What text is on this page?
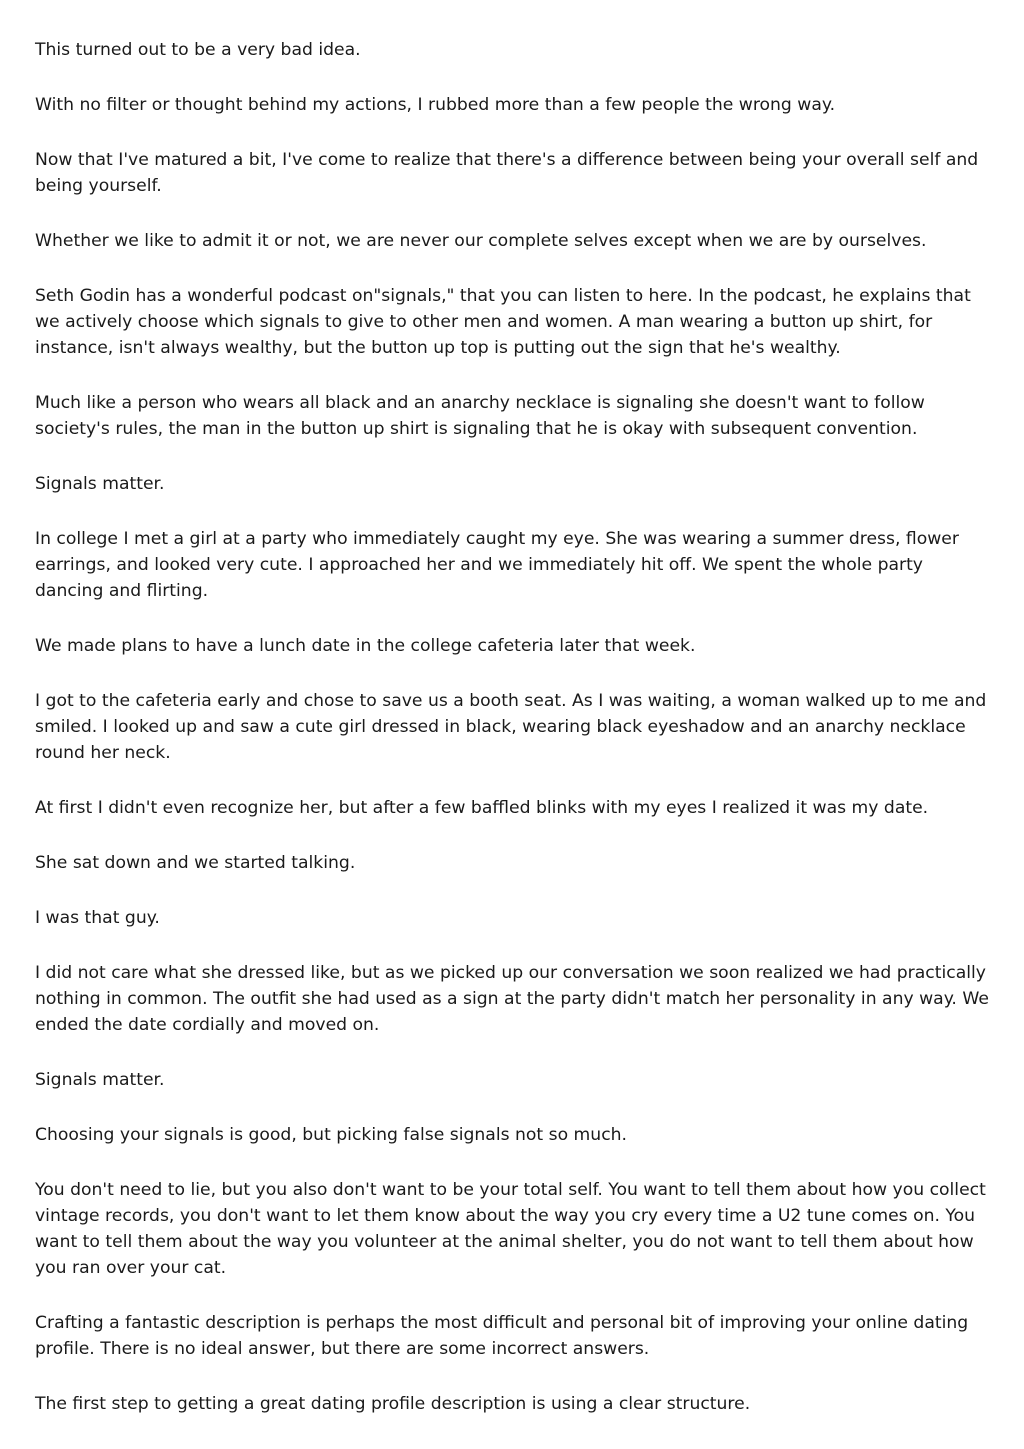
This turned out to be a very bad idea.

With no filter or thought behind my actions, I rubbed more than a few people the wrong way.

Now that I've matured a bit, I've come to realize that there's a difference between being your overall self and being yourself.

Whether we like to admit it or not, we are never our complete selves except when we are by ourselves.

Seth Godin has a wonderful podcast on"signals," that you can listen to here. In the podcast, he explains that we actively choose which signals to give to other men and women. A man wearing a button up shirt, for instance, isn't always wealthy, but the button up top is putting out the sign that he's wealthy.

Much like a person who wears all black and an anarchy necklace is signaling she doesn't want to follow society's rules, the man in the button up shirt is signaling that he is okay with subsequent convention.

Signals matter.

In college I met a girl at a party who immediately caught my eye. She was wearing a summer dress, flower earrings, and looked very cute. I approached her and we immediately hit off. We spent the whole party dancing and flirting.

We made plans to have a lunch date in the college cafeteria later that week.

I got to the cafeteria early and chose to save us a booth seat. As I was waiting, a woman walked up to me and smiled. I looked up and saw a cute girl dressed in black, wearing black eyeshadow and an anarchy necklace round her neck.

At first I didn't even recognize her, but after a few baffled blinks with my eyes I realized it was my date.

She sat down and we started talking.

I was that guy.

I did not care what she dressed like, but as we picked up our conversation we soon realized we had practically nothing in common. The outfit she had used as a sign at the party didn't match her personality in any way. We ended the date cordially and moved on.

Signals matter.

Choosing your signals is good, but picking false signals not so much.

You don't need to lie, but you also don't want to be your total self. You want to tell them about how you collect vintage records, you don't want to let them know about the way you cry every time a U2 tune comes on. You want to tell them about the way you volunteer at the animal shelter, you do not want to tell them about how you ran over your cat.

Crafting a fantastic description is perhaps the most difficult and personal bit of improving your online dating profile. There is no ideal answer, but there are some incorrect answers.

The first step to getting a great dating profile description is using a clear structure.
